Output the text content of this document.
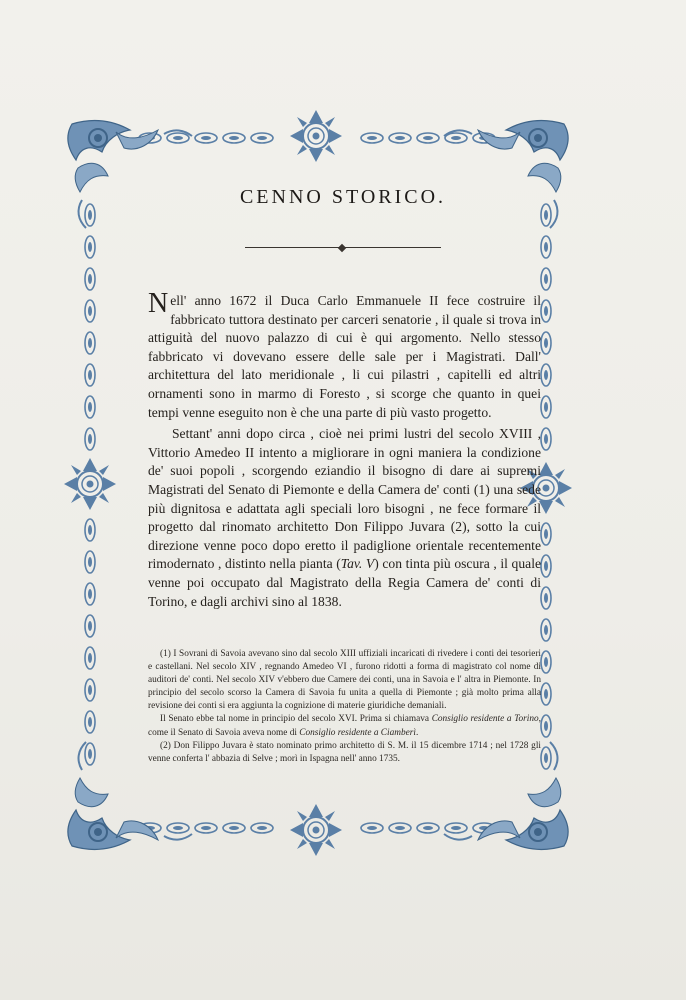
CENNO STORICO.

Nell' anno 1672 il Duca Carlo Emmanuele II fece costruire il fabbricato tuttora destinato per carceri senatorie , il quale si trova in attiguità del nuovo palazzo di cui è qui argomento. Nello stesso fabbricato vi dovevano essere delle sale per i Magistrati. Dall' architettura del lato meridionale , li cui pilastri , capitelli ed altri ornamenti sono in marmo di Foresto , si scorge che quanto in quei tempi venne eseguito non è che una parte di più vasto progetto.

Settant' anni dopo circa , cioè nei primi lustri del secolo XVIII , Vittorio Amedeo II intento a migliorare in ogni maniera la condizione de' suoi popoli , scorgendo eziandio il bisogno di dare ai supremi Magistrati del Senato di Piemonte e della Camera de' conti (1) una sede più dignitosa e adattata agli speciali loro bisogni , ne fece formare il progetto dal rinomato architetto Don Filippo Juvara (2), sotto la cui direzione venne poco dopo eretto il padiglione orientale recentemente rimodernato , distinto nella pianta (Tav. V) con tinta più oscura , il quale venne poi occupato dal Magistrato della Regia Camera de' conti di Torino, e dagli archivi sino al 1838.

(1) I Sovrani di Savoia avevano sino dal secolo XIII uffiziali incaricati di rivedere i conti dei tesorieri e castellani. Nel secolo XIV , regnando Amedeo VI , furono ridotti a forma di magistrato col nome di auditori de' conti. Nel secolo XIV v'ebbero due Camere dei conti, una in Savoia e l' altra in Piemonte. In principio del secolo scorso la Camera di Savoia fu unita a quella di Piemonte ; già molto prima alla revisione dei conti si era aggiunta la cognizione di materie giuridiche demaniali.

Il Senato ebbe tal nome in principio del secolo XVI. Prima si chiamava Consiglio residente a Torino, come il Senato di Savoia aveva nome di Consiglio residente a Ciamberì.

(2) Don Filippo Juvara è stato nominato primo architetto di S. M. il 15 dicembre 1714 ; nel 1728 gli venne conferta l' abbazia di Selve ; morì in Ispagna nell' anno 1735.
